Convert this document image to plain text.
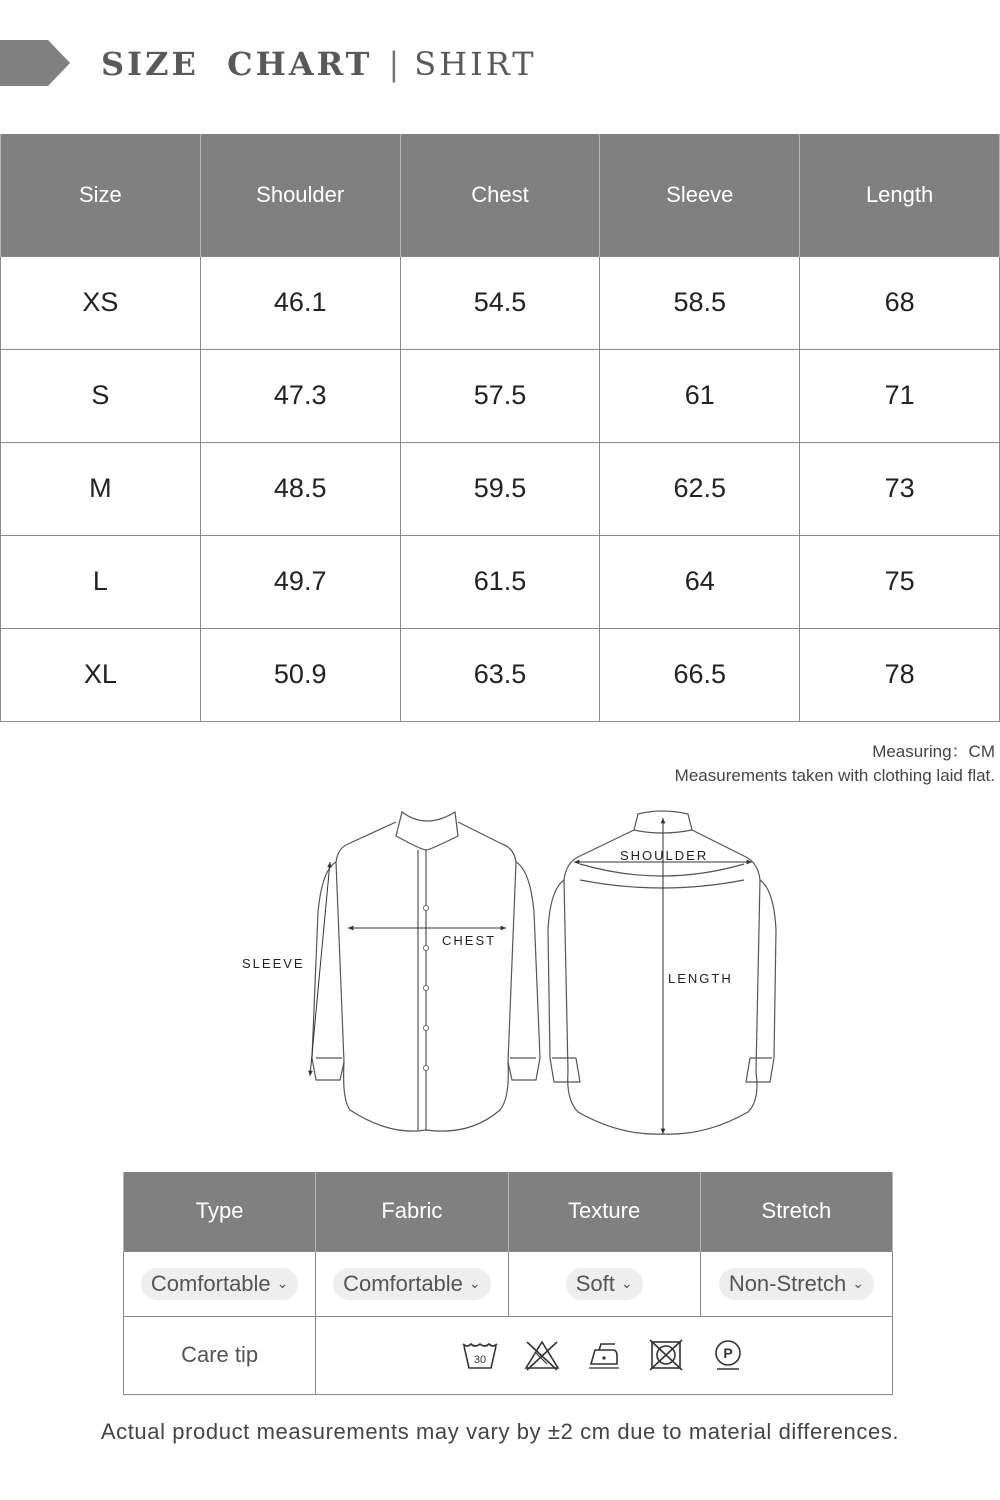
SIZE  CHART | SHIRT
Size	Shoulder	Chest	Sleeve	Length
XS	46.1	54.5	58.5	68
S	47.3	57.5	61	71
M	48.5	59.5	62.5	73
L	49.7	61.5	64	75
XL	50.9	63.5	66.5	78
Measuring：CM
Measurements taken with clothing laid flat.
SLEEVE
CHEST
SHOULDER
LENGTH
Type	Fabric	Texture	Stretch

Comfortable ⌄	Comfortable ⌄	Soft ⌄	Non-Stretch ⌄

Care tip	30 P		
Actual product measurements may vary by ±2 cm due to material differences.
